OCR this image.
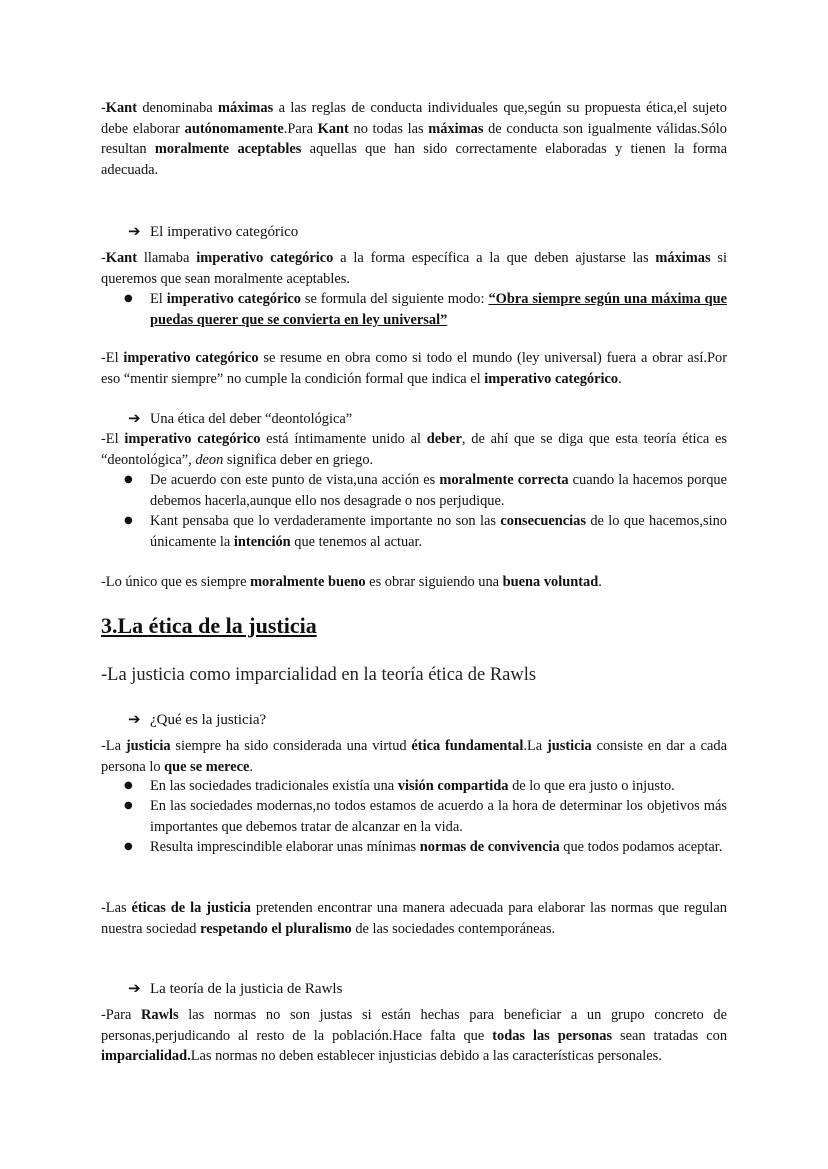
-Kant denominaba máximas a las reglas de conducta individuales que,según su propuesta ética,el sujeto debe elaborar autónomamente.Para Kant no todas las máximas de conducta son igualmente válidas.Sólo resultan moralmente aceptables aquellas que han sido correctamente elaboradas y tienen la forma adecuada.

➔ El imperativo categórico

-Kant llamaba imperativo categórico a la forma específica a la que deben ajustarse las máximas si queremos que sean moralmente aceptables.

● El imperativo categórico se formula del siguiente modo: “Obra siempre según una máxima que puedas querer que se convierta en ley universal”

-El imperativo categórico se resume en obra como si todo el mundo (ley universal) fuera a obrar así.Por eso “mentir siempre” no cumple la condición formal que indica el imperativo categórico.

➔ Una ética del deber “deontológica”

-El imperativo categórico está íntimamente unido al deber, de ahí que se diga que esta teoría ética es “deontológica”, deon significa deber en griego.

● De acuerdo con este punto de vista,una acción es moralmente correcta cuando la hacemos porque debemos hacerla,aunque ello nos desagrade o nos perjudique.

● Kant pensaba que lo verdaderamente importante no son las consecuencias de lo que hacemos,sino únicamente la intención que tenemos al actuar.

-Lo único que es siempre moralmente bueno es obrar siguiendo una buena voluntad.

3.La ética de la justicia

-La justicia como imparcialidad en la teoría ética de Rawls

➔ ¿Qué es la justicia?

-La justicia siempre ha sido considerada una virtud ética fundamental.La justicia consiste en dar a cada persona lo que se merece.

● En las sociedades tradicionales existía una visión compartida de lo que era justo o injusto.

● En las sociedades modernas,no todos estamos de acuerdo a la hora de determinar los objetivos más importantes que debemos tratar de alcanzar en la vida.

● Resulta imprescindible elaborar unas mínimas normas de convivencia que todos podamos aceptar.

-Las éticas de la justicia pretenden encontrar una manera adecuada para elaborar las normas que regulan nuestra sociedad respetando el pluralismo de las sociedades contemporáneas.

➔ La teoría de la justicia de Rawls

-Para Rawls las normas no son justas si están hechas para beneficiar a un grupo concreto de personas,perjudicando al resto de la población.Hace falta que todas las personas sean tratadas con imparcialidad.Las normas no deben establecer injusticias debido a las características personales.
